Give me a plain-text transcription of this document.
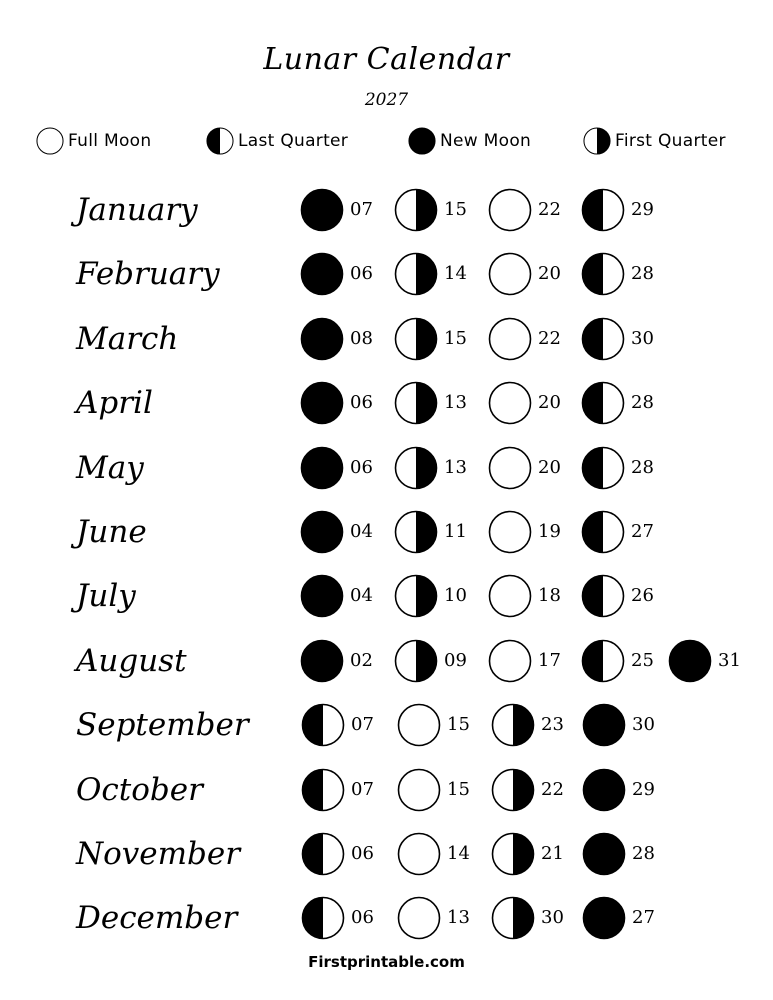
Lunar Calendar
2027
Full Moon	Last Quarter	New Moon	First Quarter
January	07	15	22	29
February	06	14	20	28
March	08	15	22	30
April	06	13	20	28
May	06	13	20	28
June	04	11	19	27
July	04	10	18	26
August	02	09	17	25	31
September	07	15	23	30
October	07	15	22	29
November	06	14	21	28
December	06	13	30	27
Firstprintable.com
